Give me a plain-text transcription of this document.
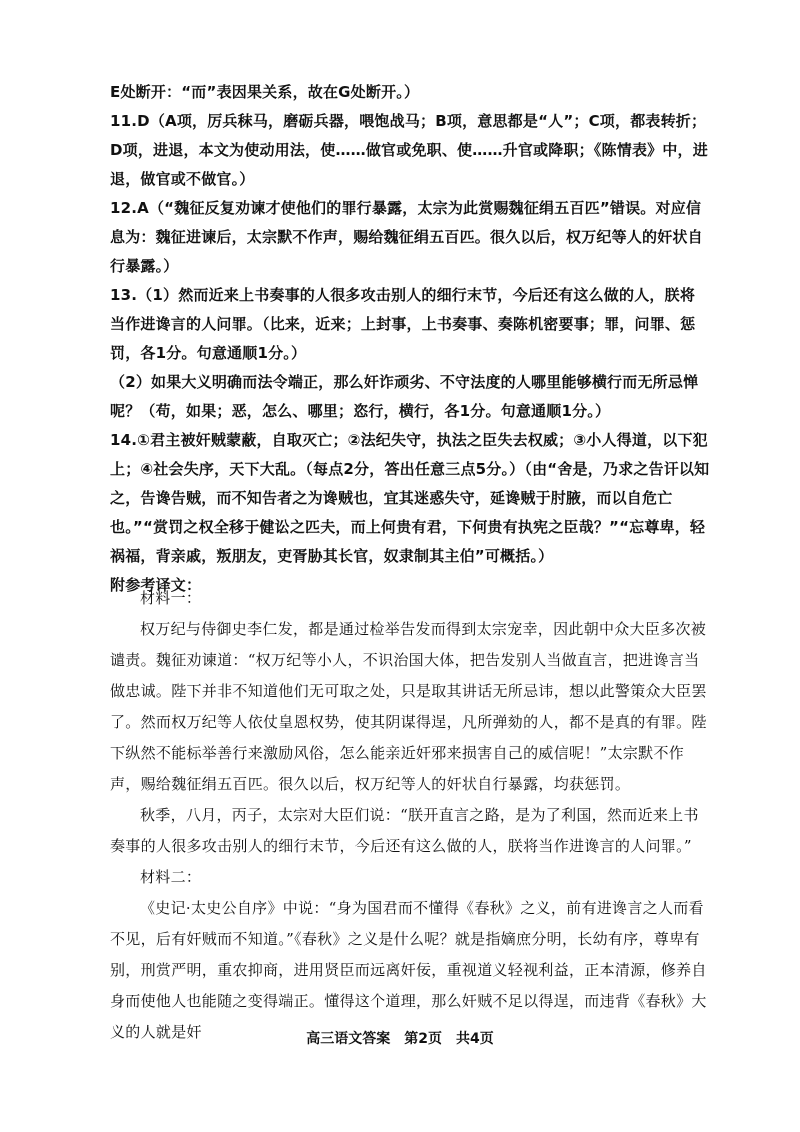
E处断开：“而”表因果关系，故在G处断开。）

11.D（A项，厉兵秣马，磨砺兵器，喂饱战马；B项，意思都是“人”；C项，都表转折；D项，进退，本文为使动用法，使……做官或免职、使……升官或降职；《陈情表》中，进退，做官或不做官。）

12.A（“魏征反复劝谏才使他们的罪行暴露，太宗为此赏赐魏征绢五百匹”错误。对应信息为：魏征进谏后，太宗默不作声，赐给魏征绢五百匹。很久以后，权万纪等人的奸状自行暴露。）

13.（1）然而近来上书奏事的人很多攻击别人的细行末节，今后还有这么做的人，朕将当作进谗言的人问罪。（比来，近来；上封事，上书奏事、奏陈机密要事；罪，问罪、惩罚，各1分。句意通顺1分。）

（2）如果大义明确而法令端正，那么奸诈顽劣、不守法度的人哪里能够横行而无所忌惮呢？（苟，如果；恶，怎么、哪里；恣行，横行，各1分。句意通顺1分。）

14.①君主被奸贼蒙蔽，自取灭亡；②法纪失守，执法之臣失去权威；③小人得道，以下犯上；④社会失序，天下大乱。（每点2分，答出任意三点5分。）（由“舍是，乃求之告讦以知之，告谗告贼，而不知告者之为谗贼也，宜其迷惑失守，延谗贼于肘腋，而以自危亡也。”“赏罚之权全移于健讼之匹夫，而上何贵有君，下何贵有执宪之臣哉？”“忘尊卑，轻祸福，背亲戚，叛朋友，吏胥胁其长官，奴隶制其主伯”可概括。）

附参考译文：

材料一：

权万纪与侍御史李仁发，都是通过检举告发而得到太宗宠幸，因此朝中众大臣多次被谴责。魏征劝谏道：“权万纪等小人，不识治国大体，把告发别人当做直言，把进谗言当做忠诚。陛下并非不知道他们无可取之处，只是取其讲话无所忌讳，想以此警策众大臣罢了。然而权万纪等人依仗皇恩权势，使其阴谋得逞，凡所弹劾的人，都不是真的有罪。陛下纵然不能标举善行来激励风俗，怎么能亲近奸邪来损害自己的威信呢！”太宗默不作声，赐给魏征绢五百匹。很久以后，权万纪等人的奸状自行暴露，均获惩罚。

秋季，八月，丙子，太宗对大臣们说：“朕开直言之路，是为了利国，然而近来上书奏事的人很多攻击别人的细行末节，今后还有这么做的人，朕将当作进谗言的人问罪。”

材料二：

《史记·太史公自序》中说：“身为国君而不懂得《春秋》之义，前有进谗言之人而看不见，后有奸贼而不知道。”《春秋》之义是什么呢？就是指嫡庶分明，长幼有序，尊卑有别，刑赏严明，重农抑商，进用贤臣而远离奸佞，重视道义轻视利益，正本清源，修养自身而使他人也能随之变得端正。懂得这个道理，那么奸贼不足以得逞，而违背《春秋》大义的人就是奸	高三语文答案　第2页　共4页
